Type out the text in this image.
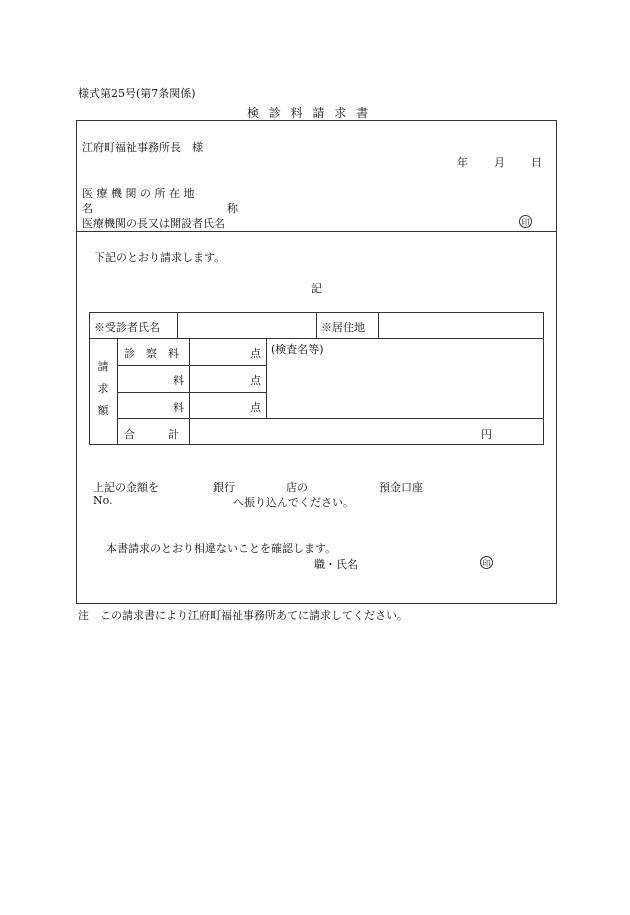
様式第25号(第7条関係)
検 診 料 請 求 書
江府町福祉事務所長　様
年 月 日
医 療 機 関 の 所 在 地
名	称
医療機関の長又は開設者氏名	印
下記のとおり請求します。
記
※受診者氏名	※居住地
請求額
診　察　料	点
料	点
料	点
(検査名等)
合　　　計	円
上記の金額を	銀行	店の	預金口座
No.	へ振り込んでください。
本書請求のとおり相違ないことを確認します。
職・氏名	印
注　この請求書により江府町福祉事務所あてに請求してください。
